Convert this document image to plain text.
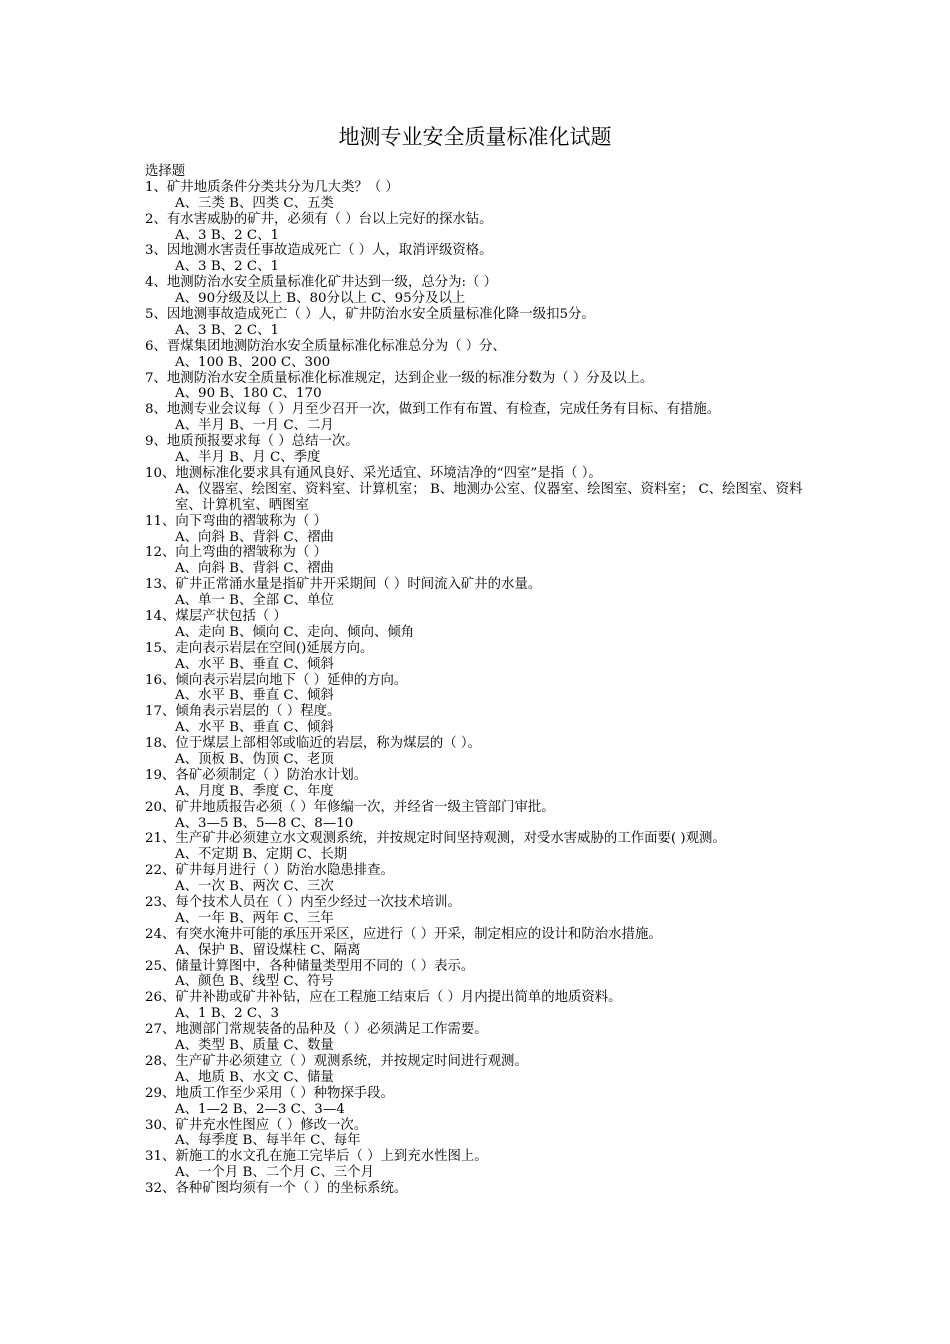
地测专业安全质量标准化试题
选择题
1、矿井地质条件分类共分为几大类？（ ）
A、三类 B、四类 C、五类
2、有水害威胁的矿井，必须有（ ）台以上完好的探水钻。
A、3 B、2 C、1
3、因地测水害责任事故造成死亡（ ）人，取消评级资格。
A、3 B、2 C、1
4、地测防治水安全质量标准化矿井达到一级，总分为:（ ）
A、90分级及以上 B、80分以上 C、95分及以上
5、因地测事故造成死亡（ ）人，矿井防治水安全质量标准化降一级扣5分。
A、3 B、2 C、1
6、晋煤集团地测防治水安全质量标准化标准总分为（ ）分、
A、100 B、200 C、300
7、地测防治水安全质量标准化标准规定，达到企业一级的标准分数为（ ）分及以上。
A、90 B、180 C、170
8、地测专业会议每（ ）月至少召开一次，做到工作有布置、有检查，完成任务有目标、有措施。
A、半月 B、一月 C、二月
9、地质预报要求每（ ）总结一次。
A、半月 B、月 C、季度
10、地测标准化要求具有通风良好、采光适宜、环境洁净的“四室”是指（ ）。
A、仪器室、绘图室、资料室、计算机室； B、地测办公室、仪器室、绘图室、资料室； C、绘图室、资料室、计算机室、晒图室
11、向下弯曲的褶皱称为（ ）
A、向斜 B、背斜 C、褶曲
12、向上弯曲的褶皱称为（ ）
A、向斜 B、背斜 C、褶曲
13、矿井正常涌水量是指矿井开采期间（ ）时间流入矿井的水量。
A、单一 B、全部 C、单位
14、煤层产状包括（ ）
A、走向 B、倾向 C、走向、倾向、倾角
15、走向表示岩层在空间()延展方向。
A、水平 B、垂直 C、倾斜
16、倾向表示岩层向地下（ ）延伸的方向。
A、水平 B、垂直 C、倾斜
17、倾角表示岩层的（ ）程度。
A、水平 B、垂直 C、倾斜
18、位于煤层上部相邻或临近的岩层，称为煤层的（ ）。
A、顶板 B、伪顶 C、老顶
19、各矿必须制定（ ）防治水计划。
A、月度 B、季度 C、年度
20、矿井地质报告必须（ ）年修编一次，并经省一级主管部门审批。
A、3—5 B、5—8 C、8—10
21、生产矿井必须建立水文观测系统，并按规定时间坚持观测，对受水害威胁的工作面要( )观测。
A、不定期 B、定期 C、长期
22、矿井每月进行（ ）防治水隐患排查。
A、一次 B、两次 C、三次
23、每个技术人员在（ ）内至少经过一次技术培训。
A、一年 B、两年 C、三年
24、有突水淹井可能的承压开采区，应进行（ ）开采，制定相应的设计和防治水措施。
A、保护 B、留设煤柱 C、隔离
25、储量计算图中，各种储量类型用不同的（ ）表示。
A、颜色 B、线型 C、符号
26、矿井补勘或矿井补钻，应在工程施工结束后（ ）月内提出简单的地质资料。
A、1 B、2 C、3
27、地测部门常规装备的品种及（ ）必须满足工作需要。
A、类型 B、质量 C、数量
28、生产矿井必须建立（ ）观测系统，并按规定时间进行观测。
A、地质 B、水文 C、储量
29、地质工作至少采用（ ）种物探手段。
A、1—2 B、2—3 C、3—4
30、矿井充水性图应（ ）修改一次。
A、每季度 B、每半年 C、每年
31、新施工的水文孔在施工完毕后（ ）上到充水性图上。
A、一个月 B、二个月 C、三个月
32、各种矿图均须有一个（ ）的坐标系统。
